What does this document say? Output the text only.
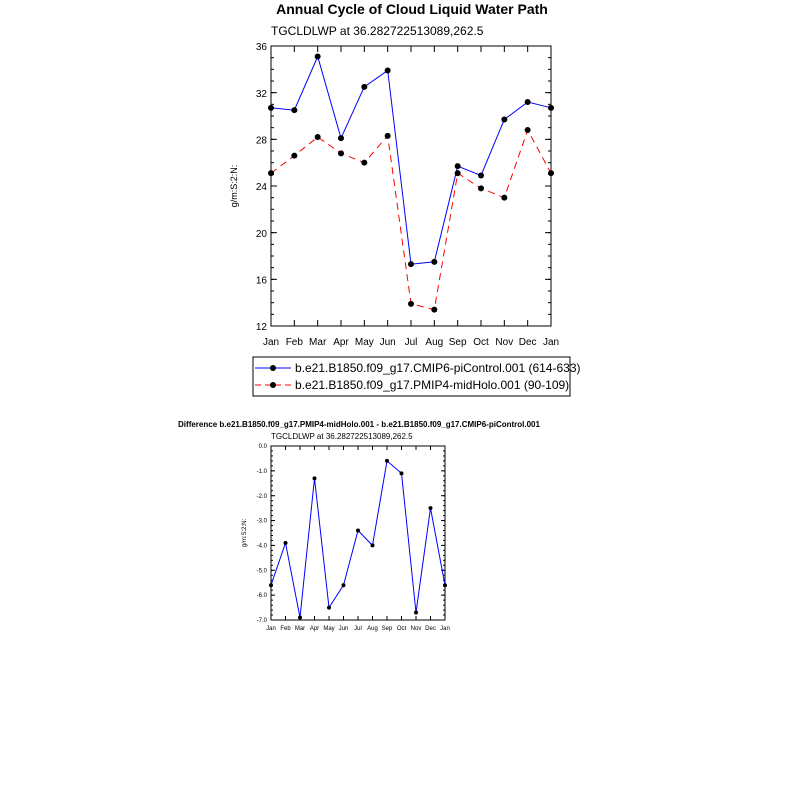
Annual Cycle of Cloud Liquid Water Path
TGCLDLWP at 36.282722513089,262.5
g/m:S:2:N:
12
16
20
24
28
32
36
Jan Feb Mar Apr May Jun Jul Aug Sep Oct Nov Dec Jan
b.e21.B1850.f09_g17.CMIP6-piControl.001 (614-633)
b.e21.B1850.f09_g17.PMIP4-midHolo.001 (90-109)
Difference b.e21.B1850.f09_g17.PMIP4-midHolo.001 - b.e21.B1850.f09_g17.CMIP6-piControl.001
TGCLDLWP at 36.282722513089,262.5
g/m:S:2:N:
-7.0
-6.0
-5.0
-4.0
-3.0
-2.0
-1.0
0.0
Jan Feb Mar Apr May Jun Jul Aug Sep Oct Nov Dec Jan
